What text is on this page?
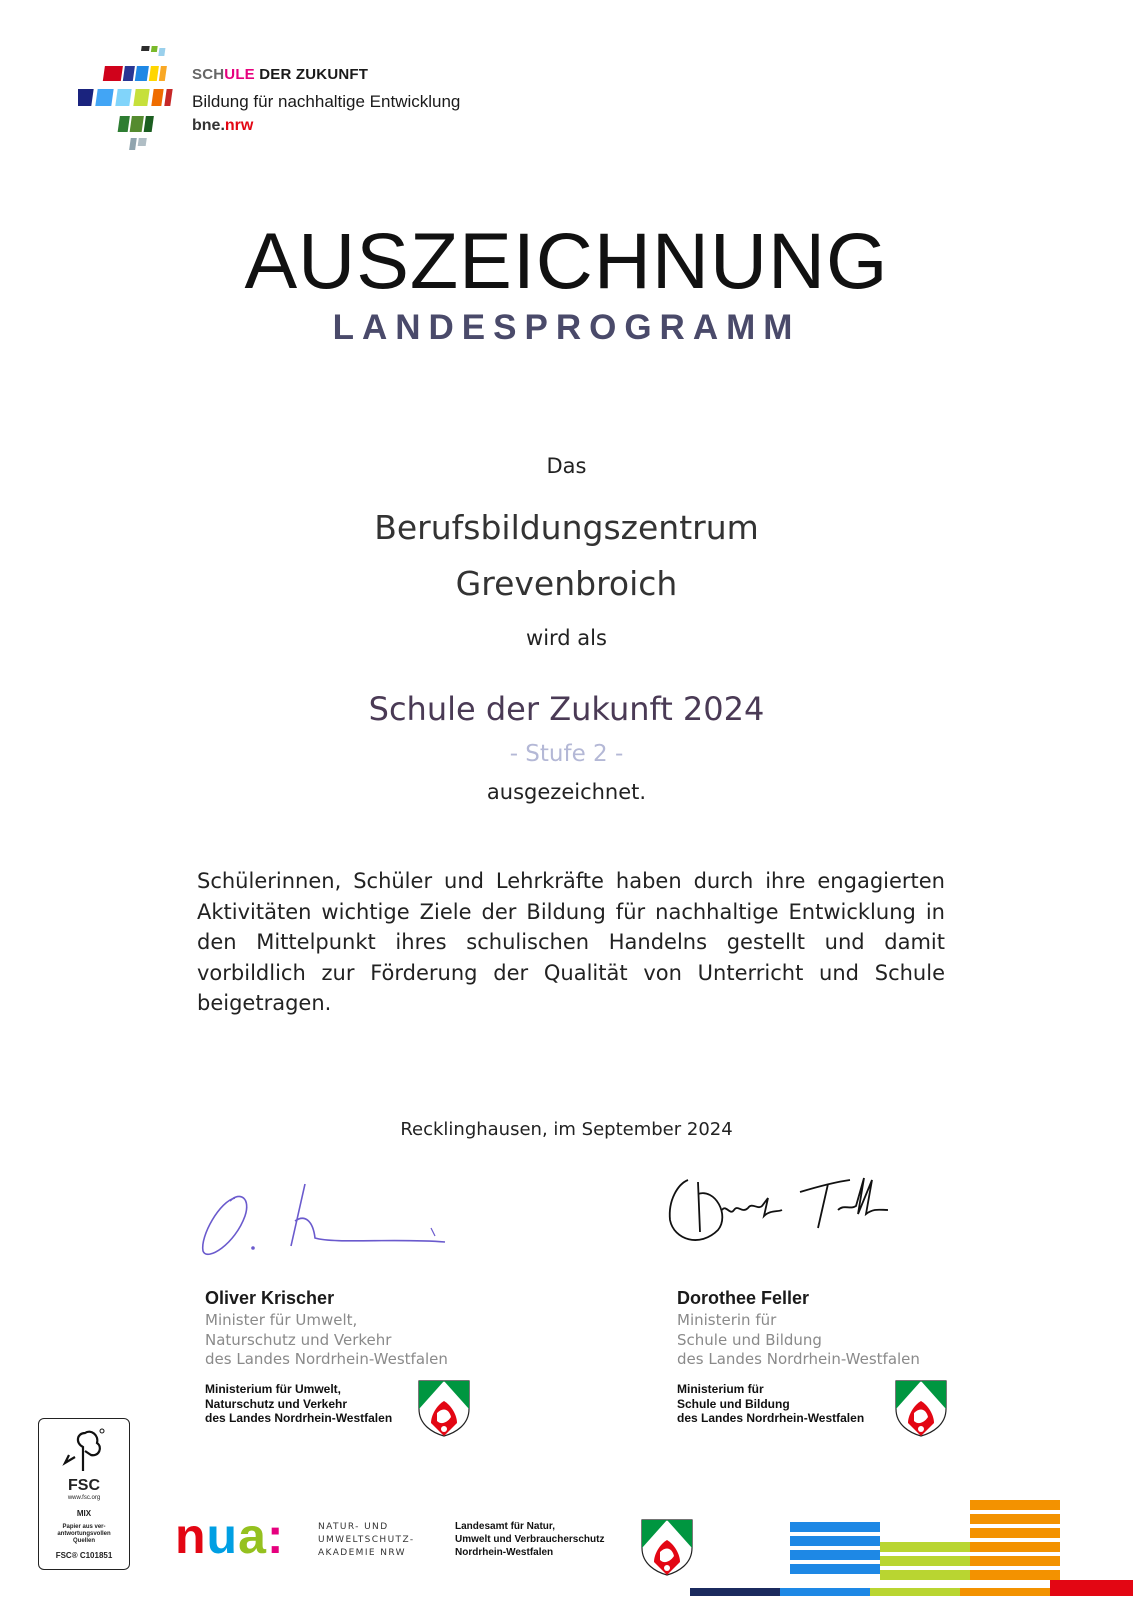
SCHULE DER ZUKUNFT
Bildung für nachhaltige Entwicklung
bne.nrw
AUSZEICHNUNG
LANDESPROGRAMM
Das
Berufsbildungszentrum
Grevenbroich
wird als
Schule der Zukunft 2024
- Stufe 2 -
ausgezeichnet.
Schülerinnen, Schüler und Lehrkräfte haben durch ihre engagierten Aktivitäten wichtige Ziele der Bildung für nachhaltige Entwicklung in den Mittelpunkt ihres schulischen Handelns gestellt und damit vorbildlich zur Förderung der Qualität von Unterricht und Schule beigetragen.
Recklinghausen, im September 2024
Oliver Krischer
Minister für Umwelt,
Naturschutz und Verkehr
des Landes Nordrhein-Westfalen
Ministerium für Umwelt,
Naturschutz und Verkehr
des Landes Nordrhein-Westfalen
Dorothee Feller
Ministerin für
Schule und Bildung
des Landes Nordrhein-Westfalen
Ministerium für
Schule und Bildung
des Landes Nordrhein-Westfalen
FSC
www.fsc.org
MIX
Papier aus ver-
antwortungsvollen
Quellen
FSC® C101851	nua:	NATUR- UND
UMWELTSCHUTZ-
AKADEMIE NRW
Landesamt für Natur,
Umwelt und Verbraucherschutz
Nordrhein-Westfalen
